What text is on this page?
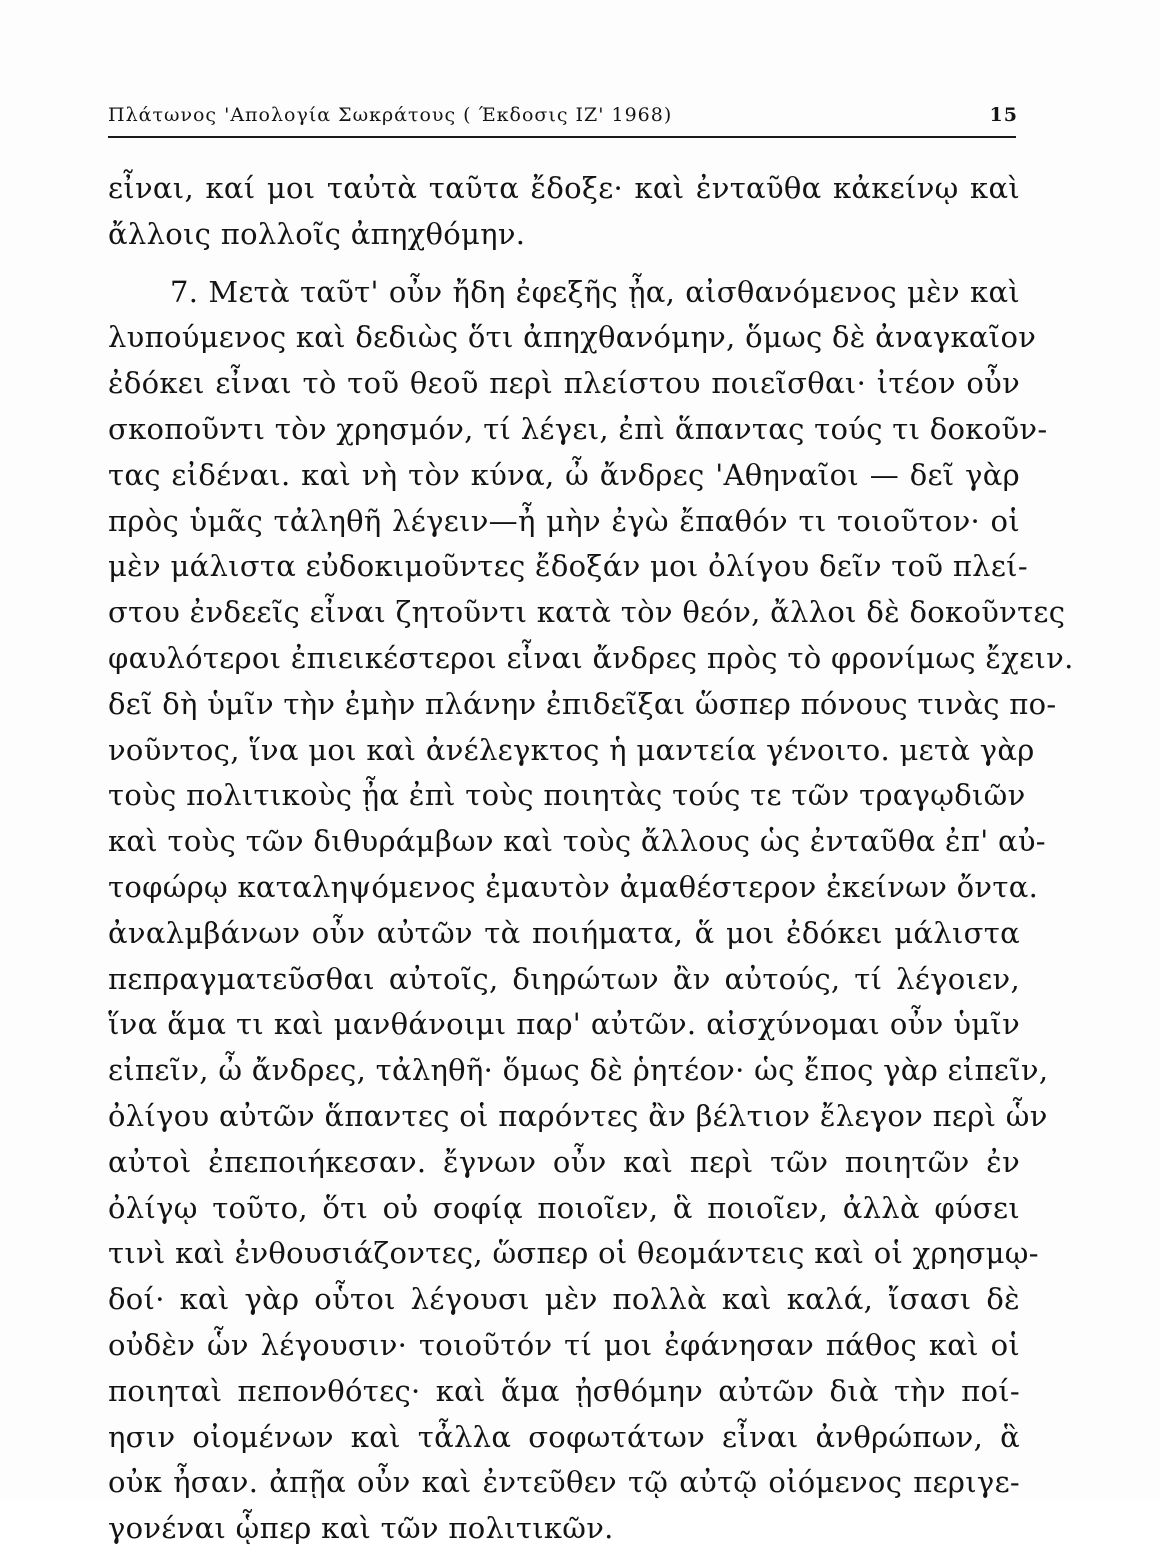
Πλάτωνος 'Απολογία Σωκράτους ( Έκδοσις ΙΖ' 1968)	15
εἶναι, καί μοι ταὐτὰ ταῦτα ἔδοξε· καὶ ἐνταῦθα κἀκείνῳ καὶ
ἄλλοις πολλοῖς ἀπηχθόμην.
7. Μετὰ ταῦτ' οὖν ἤδη ἐφεξῆς ᾖα, αἰσθανόμενος μὲν καὶ
λυπούμενος καὶ δεδιὼς ὅτι ἀπηχθανόμην, ὅμως δὲ ἀναγκαῖον
ἐδόκει εἶναι τὸ τοῦ θεοῦ περὶ πλείστου ποιεῖσθαι· ἰτέον οὖν
σκοποῦντι τὸν χρησμόν, τί λέγει, ἐπὶ ἅπαντας τούς τι δοκοῦν-
τας εἰδέναι. καὶ νὴ τὸν κύνα, ὦ ἄνδρες 'Αθηναῖοι — δεῖ γὰρ
πρὸς ὑμᾶς τἀληθῆ λέγειν—ἦ μὴν ἐγὼ ἔπαθόν τι τοιοῦτον· οἱ
μὲν μάλιστα εὐδοκιμοῦντες ἔδοξάν μοι ὀλίγου δεῖν τοῦ πλεί-
στου ἐνδεεῖς εἶναι ζητοῦντι κατὰ τὸν θεόν, ἄλλοι δὲ δοκοῦντες
φαυλότεροι ἐπιεικέστεροι εἶναι ἄνδρες πρὸς τὸ φρονίμως ἔχειν.
δεῖ δὴ ὑμῖν τὴν ἐμὴν πλάνην ἐπιδεῖξαι ὥσπερ πόνους τινὰς πο-
νοῦντος, ἵνα μοι καὶ ἀνέλεγκτος ἡ μαντεία γένοιτο. μετὰ γὰρ
τοὺς πολιτικοὺς ᾖα ἐπὶ τοὺς ποιητὰς τούς τε τῶν τραγῳδιῶν
καὶ τοὺς τῶν διθυράμβων καὶ τοὺς ἄλλους ὡς ἐνταῦθα ἐπ' αὐ-
τοφώρῳ καταληψόμενος ἐμαυτὸν ἀμαθέστερον ἐκείνων ὄντα.
ἀναλμβάνων οὖν αὐτῶν τὰ ποιήματα, ἅ μοι ἐδόκει μάλιστα
πεπραγματεῦσθαι αὐτοῖς, διηρώτων ἂν αὐτούς, τί λέγοιεν,
ἵνα ἅμα τι καὶ μανθάνοιμι παρ' αὐτῶν. αἰσχύνομαι οὖν ὑμῖν
εἰπεῖν, ὦ ἄνδρες, τἀληθῆ· ὅμως δὲ ῥητέον· ὡς ἔπος γὰρ εἰπεῖν,
ὀλίγου αὐτῶν ἅπαντες οἱ παρόντες ἂν βέλτιον ἔλεγον περὶ ὧν
αὐτοὶ ἐπεποιήκεσαν. ἔγνων οὖν καὶ περὶ τῶν ποιητῶν ἐν
ὀλίγῳ τοῦτο, ὅτι οὐ σοφίᾳ ποιοῖεν, ἃ ποιοῖεν, ἀλλὰ φύσει
τινὶ καὶ ἐνθουσιάζοντες, ὥσπερ οἱ θεομάντεις καὶ οἱ χρησμῳ-
δοί· καὶ γὰρ οὗτοι λέγουσι μὲν πολλὰ καὶ καλά, ἴσασι δὲ
οὐδὲν ὧν λέγουσιν· τοιοῦτόν τί μοι ἐφάνησαν πάθος καὶ οἱ
ποιηταὶ πεπονθότες· καὶ ἅμα ᾐσθόμην αὐτῶν διὰ τὴν ποί-
ησιν οἰομένων καὶ τἆλλα σοφωτάτων εἶναι ἀνθρώπων, ἃ
οὐκ ἦσαν. ἀπῇα οὖν καὶ ἐντεῦθεν τῷ αὐτῷ οἰόμενος περιγε-
γονέναι ᾧπερ καὶ τῶν πολιτικῶν.
